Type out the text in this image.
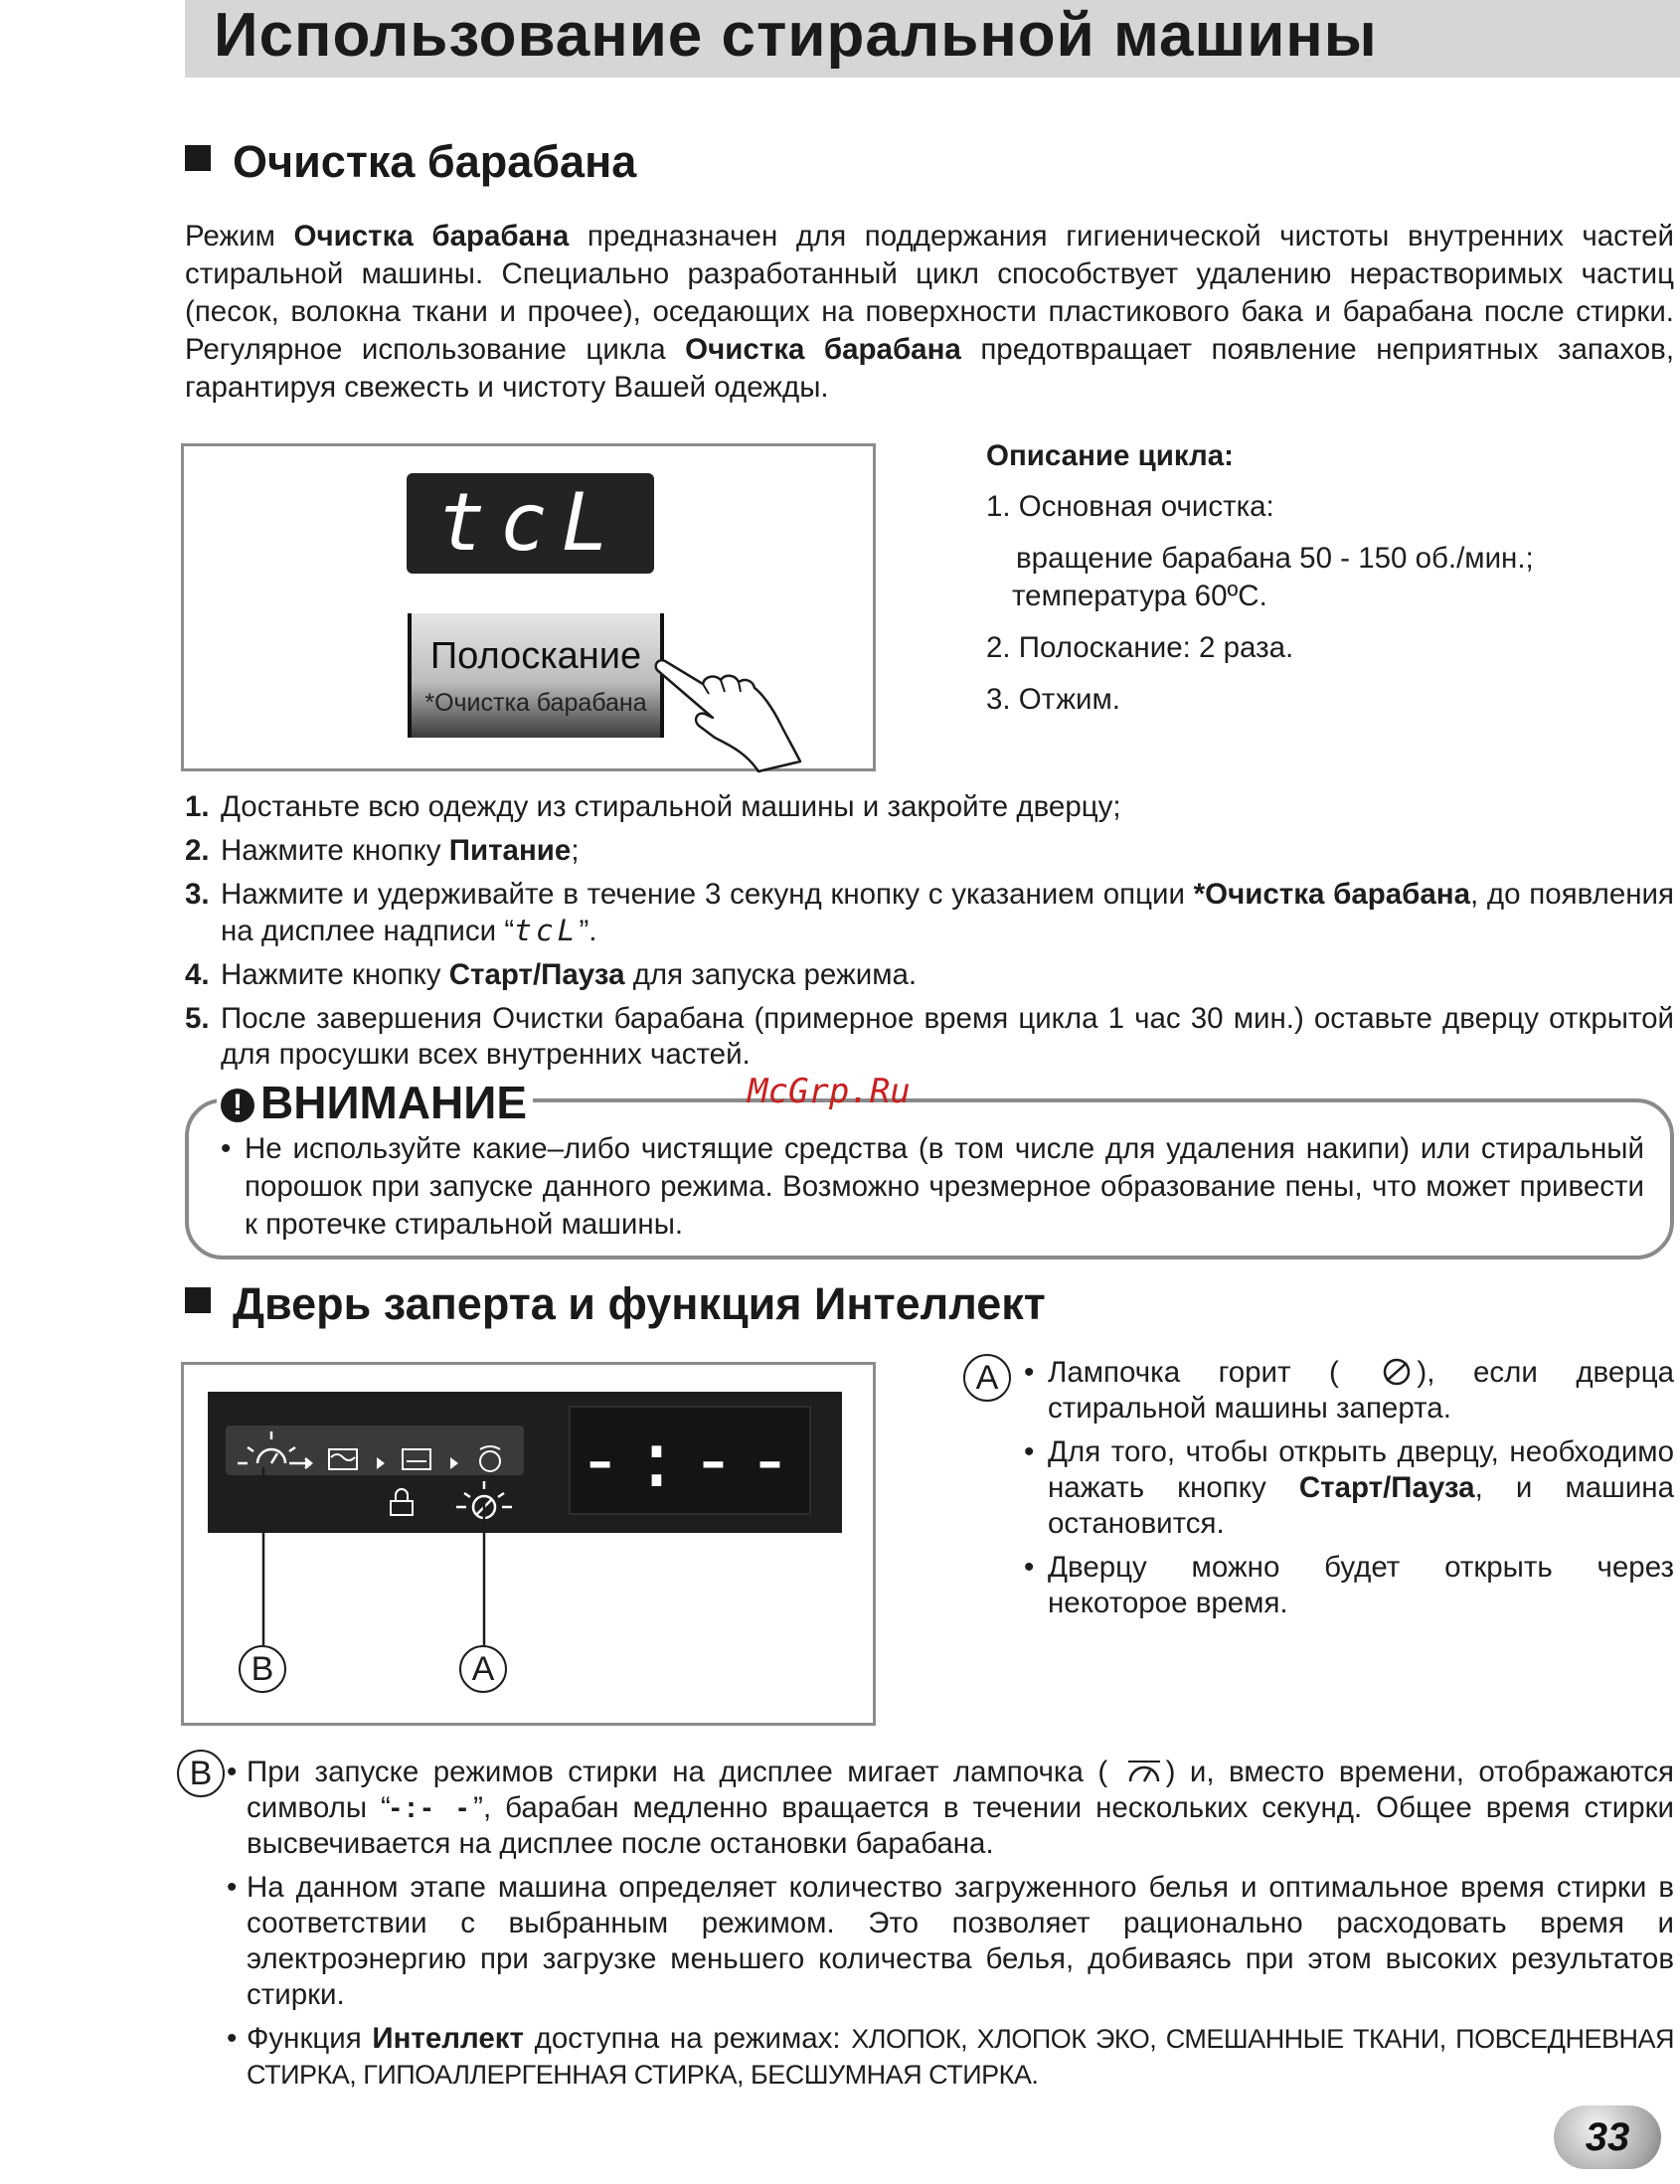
Использование стиральной машины
Очистка барабана
Режим Очистка барабана предназначен для поддержания гигиенической чистоты внутренних частей стиральной машины. Специально разработанный цикл способствует удалению нерастворимых частиц (песок, волокна ткани и прочее), оседающих на поверхности пластикового бака и барабана после стирки. Регулярное использование цикла Очистка барабана предотвращает появление неприятных запахов, гарантируя свежесть и чистоту Вашей одежды.
tcL
Полоскание
*Очистка барабана
Описание цикла:
1. Основная очистка:
вращение барабана 50 - 150 об./мин.;
температура 60ºС.
2. Полоскание: 2 раза.
3. Отжим.
1. Достаньте всю одежду из стиральной машины и закройте дверцу;
2. Нажмите кнопку Питание;
3. Нажмите и удерживайте в течение 3 секунд кнопку с указанием опции *Очистка барабана, до появления на дисплее надписи “tcL”.
4. Нажмите кнопку Старт/Пауза для запуска режима.
5. После завершения Очистки барабана (примерное время цикла 1 час 30 мин.) оставьте дверцу открытой для просушки всех внутренних частей.
! ВНИМАНИЕ	McGrp.Ru
• Не используйте какие–либо чистящие средства (в том числе для удаления накипи) или стиральный порошок при запуске данного режима. Возможно чрезмерное образование пены, что может привести к протечке стиральной машины.
Дверь заперта и функция Интеллект
-:--
B	A
A • Лампочка горит (	), если дверца стиральной машины заперта.
• Для того, чтобы открыть дверцу, необходимо нажать кнопку Старт/Пауза, и машина остановится.
• Дверцу можно будет открыть через некоторое время.
B • При запуске режимов стирки на дисплее мигает лампочка ( ) и, вместо времени, отображаются символы “-:- -”, барабан медленно вращается в течении нескольких секунд. Общее время стирки высвечивается на дисплее после остановки барабана.
• На данном этапе машина определяет количество загруженного белья и оптимальное время стирки в соответствии с выбранным режимом. Это позволяет рационально расходовать время и электроэнергию при загрузке меньшего количества белья, добиваясь при этом высоких результатов стирки.
• Функция Интеллект доступна на режимах: ХЛОПОК, ХЛОПОК ЭКО, СМЕШАННЫЕ ТКАНИ, ПОВСЕДНЕВНАЯ СТИРКА, ГИПОАЛЛЕРГЕННАЯ СТИРКА, БЕСШУМНАЯ СТИРКА.
33
